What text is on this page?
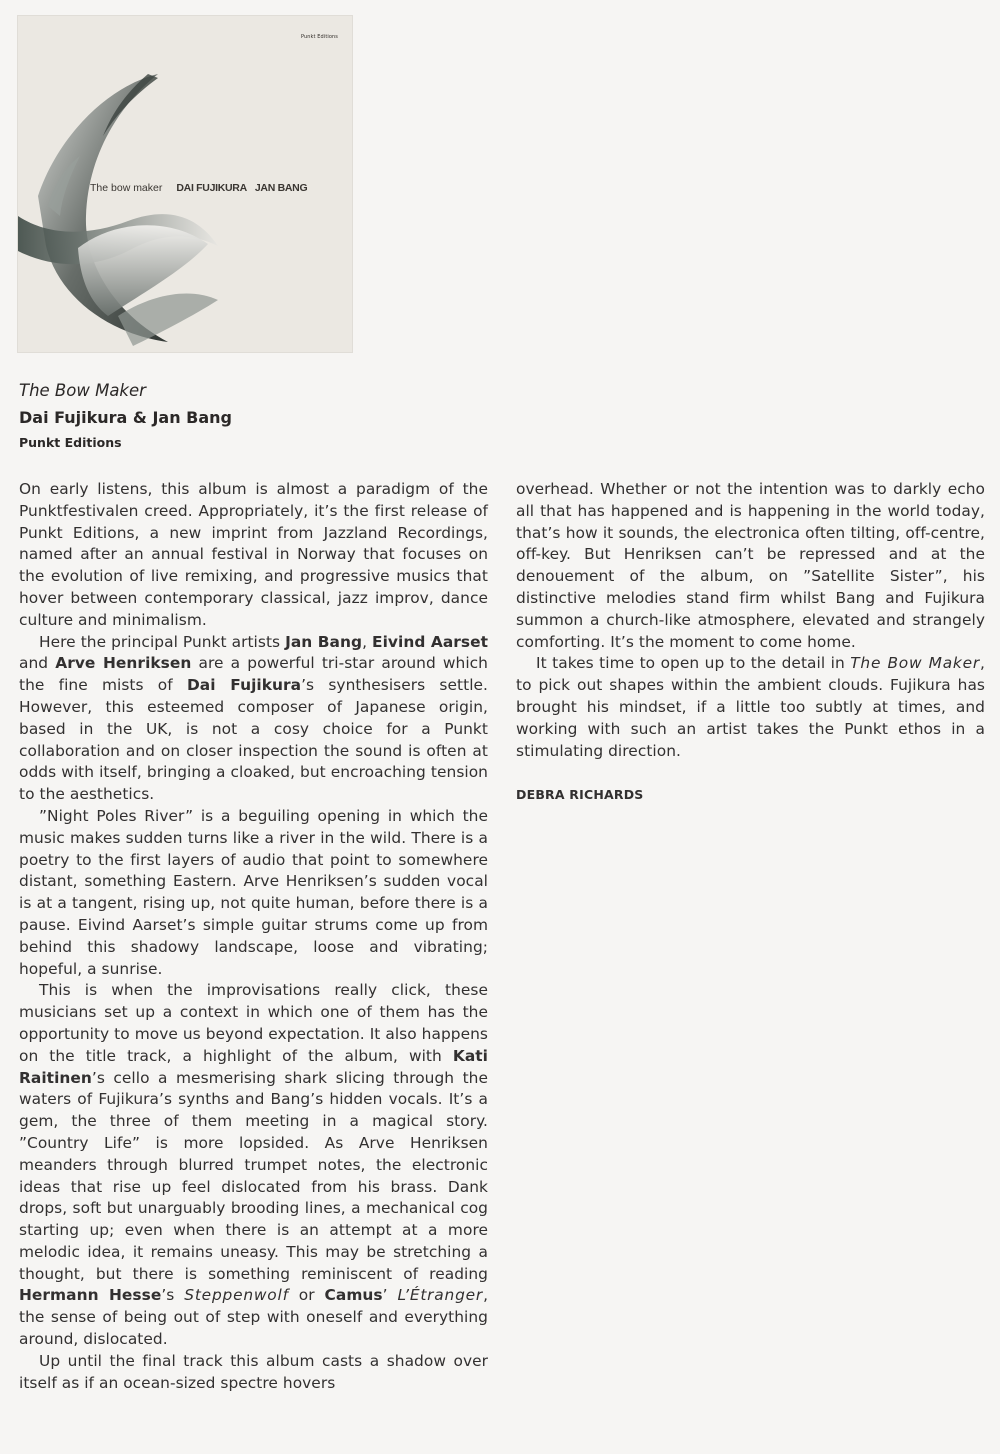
Punkt Editions
The bow maker DAI FUJIKURA JAN BANG
The Bow Maker
Dai Fujikura & Jan Bang
Punkt Editions

On early listens, this album is almost a paradigm of the Punktfestivalen creed. Appropriately, it’s the first release of Punkt Editions, a new imprint from Jazzland Recordings, named after an annual festival in Norway that focuses on the evolution of live remixing, and progressive musics that hover between contemporary classical, jazz improv, dance culture and minimalism.

Here the principal Punkt artists Jan Bang, Eivind Aarset and Arve Henriksen are a powerful tri-star around which the fine mists of Dai Fujikura’s synthesisers settle. However, this esteemed composer of Japanese origin, based in the UK, is not a cosy choice for a Punkt collaboration and on closer inspection the sound is often at odds with itself, bringing a cloaked, but encroaching tension to the aesthetics.

”Night Poles River” is a beguiling opening in which the music makes sudden turns like a river in the wild. There is a poetry to the first layers of audio that point to somewhere distant, something Eastern. Arve Henriksen’s sudden vocal is at a tangent, rising up, not quite human, before there is a pause. Eivind Aarset’s simple guitar strums come up from behind this shadowy landscape, loose and vibrating; hopeful, a sunrise.

This is when the improvisations really click, these musicians set up a context in which one of them has the opportunity to move us beyond expectation. It also happens on the title track, a highlight of the album, with Kati Raitinen’s cello a mesmerising shark slicing through the waters of Fujikura’s synths and Bang’s hidden vocals. It’s a gem, the three of them meeting in a magical story. ”Country Life” is more lopsided. As Arve Henriksen meanders through blurred trumpet notes, the electronic ideas that rise up feel dislocated from his brass. Dank drops, soft but unarguably brooding lines, a mechanical cog starting up; even when there is an attempt at a more melodic idea, it remains uneasy. This may be stretching a thought, but there is something reminiscent of reading Hermann Hesse’s Steppenwolf or Camus’ L’Étranger, the sense of being out of step with oneself and everything around, dislocated.

Up until the final track this album casts a shadow over itself as if an ocean-sized spectre hovers

overhead. Whether or not the intention was to darkly echo all that has happened and is happening in the world today, that’s how it sounds, the electronica often tilting, off-centre, off-key. But Henriksen can’t be repressed and at the denouement of the album, on ”Satellite Sister”, his distinctive melodies stand firm whilst Bang and Fujikura summon a church-like atmosphere, elevated and strangely comforting. It’s the moment to come home.

It takes time to open up to the detail in The Bow Maker, to pick out shapes within the ambient clouds. Fujikura has brought his mindset, if a little too subtly at times, and working with such an artist takes the Punkt ethos in a stimulating direction.

DEBRA RICHARDS
